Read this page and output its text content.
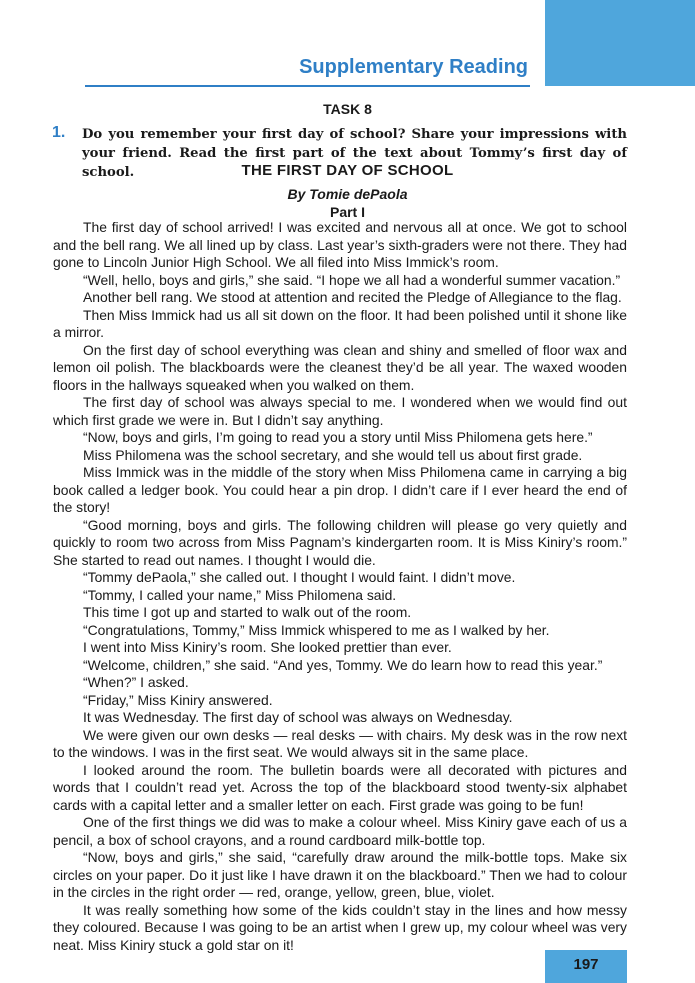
Supplementary Reading
TASK 8
1. Do you remember your first day of school? Share your impressions with your friend. Read the first part of the text about Tommy’s first day of school.	THE FIRST DAY OF SCHOOL
By Tomie dePaola
Part I

The first day of school arrived! I was excited and nervous all at once. We got to school and the bell rang. We all lined up by class. Last year’s sixth-graders were not there. They had gone to Lincoln Junior High School. We all filed into Miss Immick’s room.

“Well, hello, boys and girls,” she said. “I hope we all had a wonderful summer vacation.”

Another bell rang. We stood at attention and recited the Pledge of Allegiance to the flag.

Then Miss Immick had us all sit down on the floor. It had been polished until it shone like a mirror.

On the first day of school everything was clean and shiny and smelled of floor wax and lemon oil polish. The blackboards were the cleanest they’d be all year. The waxed wooden floors in the hallways squeaked when you walked on them.

The first day of school was always special to me. I wondered when we would find out which first grade we were in. But I didn’t say anything.

“Now, boys and girls, I’m going to read you a story until Miss Philomena gets here.”

Miss Philomena was the school secretary, and she would tell us about first grade.

Miss Immick was in the middle of the story when Miss Philomena came in carrying a big book called a ledger book. You could hear a pin drop. I didn’t care if I ever heard the end of the story!

“Good morning, boys and girls. The following children will please go very quietly and quickly to room two across from Miss Pagnam’s kindergarten room. It is Miss Kiniry’s room.” She started to read out names. I thought I would die.

“Tommy dePaola,” she called out. I thought I would faint. I didn’t move.

“Tommy, I called your name,” Miss Philomena said.

This time I got up and started to walk out of the room.

“Congratulations, Tommy,” Miss Immick whispered to me as I walked by her.

I went into Miss Kiniry’s room. She looked prettier than ever.

“Welcome, children,” she said. “And yes, Tommy. We do learn how to read this year.”

“When?” I asked.

“Friday,” Miss Kiniry answered.

It was Wednesday. The first day of school was always on Wednesday.

We were given our own desks — real desks — with chairs. My desk was in the row next to the windows. I was in the first seat. We would always sit in the same place.

I looked around the room. The bulletin boards were all decorated with pictures and words that I couldn’t read yet. Across the top of the blackboard stood twenty-six alphabet cards with a capital letter and a smaller letter on each. First grade was going to be fun!

One of the first things we did was to make a colour wheel. Miss Kiniry gave each of us a pencil, a box of school crayons, and a round cardboard milk-bottle top.

“Now, boys and girls,” she said, “carefully draw around the milk-bottle tops. Make six circles on your paper. Do it just like I have drawn it on the blackboard.” Then we had to colour in the circles in the right order — red, orange, yellow, green, blue, violet.

It was really something how some of the kids couldn’t stay in the lines and how messy they coloured. Because I was going to be an artist when I grew up, my colour wheel was very neat. Miss Kiniry stuck a gold star on it!

197
